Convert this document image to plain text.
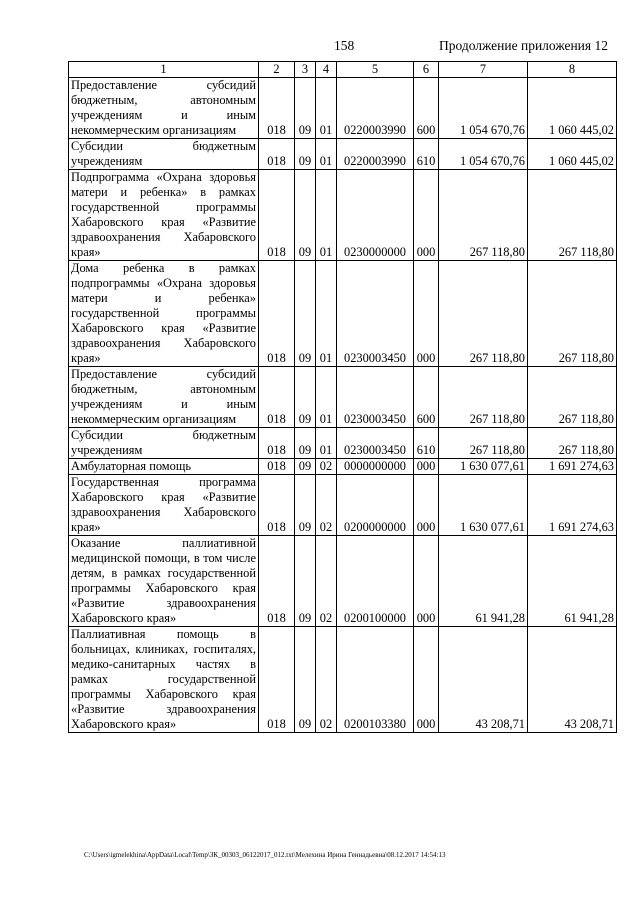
158	Продолжение приложения 12
1	2	3	4	5	6	7	8
Предоставление субсидий бюджетным, автономным учреждениям и иным некоммерческим организациям	018	09	01	0220003990	600	1 054 670,76	1 060 445,02
Субсидии бюджетным учреждениям	018	09	01	0220003990	610	1 054 670,76	1 060 445,02
Подпрограмма «Охрана здоровья матери и ребенка» в рамках государственной программы Хабаровского края «Развитие здравоохранения Хабаровского края»	018	09	01	0230000000	000	267 118,80	267 118,80
Дома ребенка в рамках подпрограммы «Охрана здоровья матери и ребенка» государственной программы Хабаровского края «Развитие здравоохранения Хабаровского края»	018	09	01	0230003450	000	267 118,80	267 118,80
Предоставление субсидий бюджетным, автономным учреждениям и иным некоммерческим организациям	018	09	01	0230003450	600	267 118,80	267 118,80
Субсидии бюджетным учреждениям	018	09	01	0230003450	610	267 118,80	267 118,80
Амбулаторная помощь	018	09	02	0000000000	000	1 630 077,61	1 691 274,63
Государственная программа Хабаровского края «Развитие здравоохранения Хабаровского края»	018	09	02	0200000000	000	1 630 077,61	1 691 274,63
Оказание паллиативной медицинской помощи, в том числе детям, в рамках государственной программы Хабаровского края «Развитие здравоохранения Хабаровского края»	018	09	02	0200100000	000	61 941,28	61 941,28
Паллиативная помощь в больницах, клиниках, госпиталях, медико-санитарных частях в рамках государственной программы Хабаровского края «Развитие здравоохранения Хабаровского края»	018	09	02	0200103380	000	43 208,71	43 208,71
C:\Users\igmelekhina\AppData\Local\Temp\ЗК_00303_06122017_012.txt\Мелехина Ирина Геннадьевна\08.12.2017 14:54:13
